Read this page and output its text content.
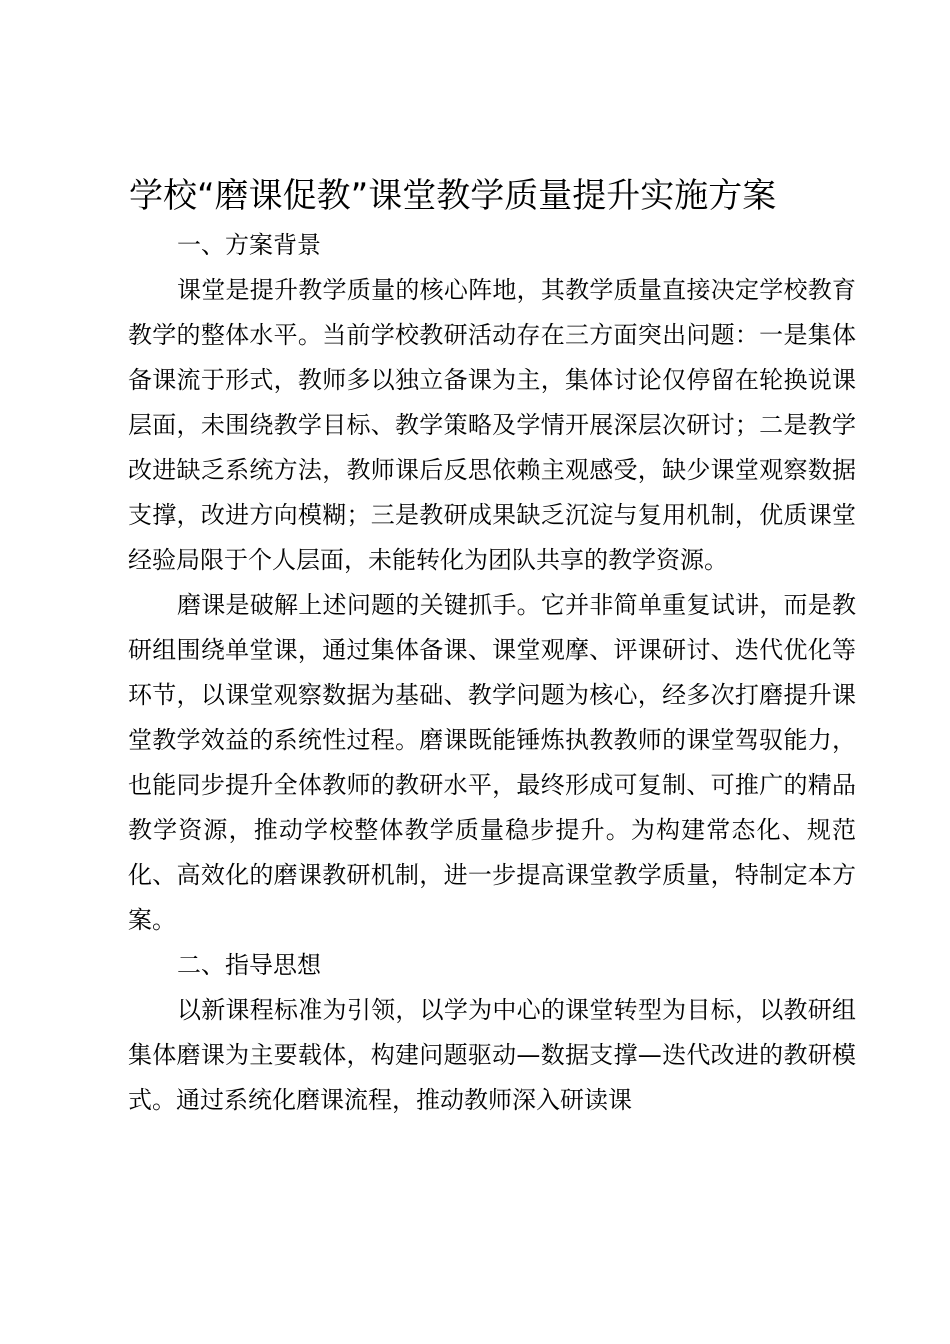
学校“磨课促教”课堂教学质量提升实施方案

一、方案背景

课堂是提升教学质量的核心阵地，其教学质量直接决定学校教育教学的整体水平。当前学校教研活动存在三方面突出问题：一是集体备课流于形式，教师多以独立备课为主，集体讨论仅停留在轮换说课层面，未围绕教学目标、教学策略及学情开展深层次研讨；二是教学改进缺乏系统方法，教师课后反思依赖主观感受，缺少课堂观察数据支撑，改进方向模糊；三是教研成果缺乏沉淀与复用机制，优质课堂经验局限于个人层面，未能转化为团队共享的教学资源。

磨课是破解上述问题的关键抓手。它并非简单重复试讲，而是教研组围绕单堂课，通过集体备课、课堂观摩、评课研讨、迭代优化等环节，以课堂观察数据为基础、教学问题为核心，经多次打磨提升课堂教学效益的系统性过程。磨课既能锤炼执教教师的课堂驾驭能力，也能同步提升全体教师的教研水平，最终形成可复制、可推广的精品教学资源，推动学校整体教学质量稳步提升。为构建常态化、规范化、高效化的磨课教研机制，进一步提高课堂教学质量，特制定本方案。

二、指导思想

以新课程标准为引领，以学为中心的课堂转型为目标，以教研组集体磨课为主要载体，构建问题驱动—数据支撑—迭代改进的教研模式。通过系统化磨课流程，推动教师深入研读课
